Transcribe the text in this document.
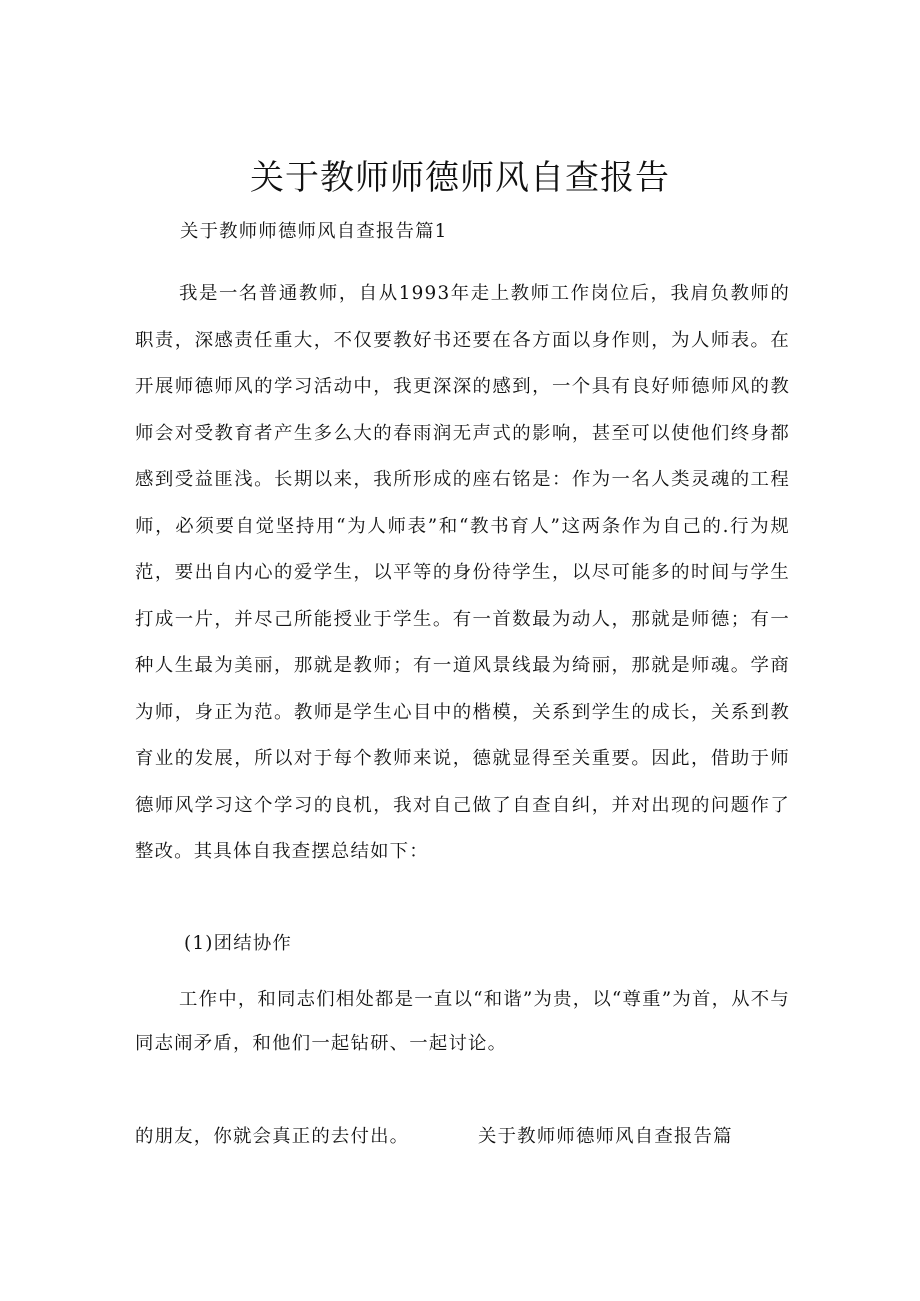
关于教师师德师风自查报告
关于教师师德师风自查报告篇1
我是一名普通教师，自从1993年走上教师工作岗位后，我肩负教师的职责，深感责任重大，不仅要教好书还要在各方面以身作则，为人师表。在开展师德师风的学习活动中，我更深深的感到，一个具有良好师德师风的教师会对受教育者产生多么大的春雨润无声式的影响，甚至可以使他们终身都感到受益匪浅。长期以来，我所形成的座右铭是：作为一名人类灵魂的工程师，必须要自觉坚持用“为人师表”和“教书育人”这两条作为自己的.行为规范，要出自内心的爱学生，以平等的身份待学生，以尽可能多的时间与学生打成一片，并尽己所能授业于学生。有一首数最为动人，那就是师德；有一种人生最为美丽，那就是教师；有一道风景线最为绮丽，那就是师魂。学商为师，身正为范。教师是学生心目中的楷模，关系到学生的成长，关系到教育业的发展，所以对于每个教师来说，德就显得至关重要。因此，借助于师德师风学习这个学习的良机，我对自己做了自查自纠，并对出现的问题作了整改。其具体自我查摆总结如下：
(1)团结协作
工作中，和同志们相处都是一直以“和谐”为贵，以“尊重”为首，从不与同志闹矛盾，和他们一起钻研、一起讨论。
的朋友，你就会真正的去付出。	关于教师师德师风自查报告篇
